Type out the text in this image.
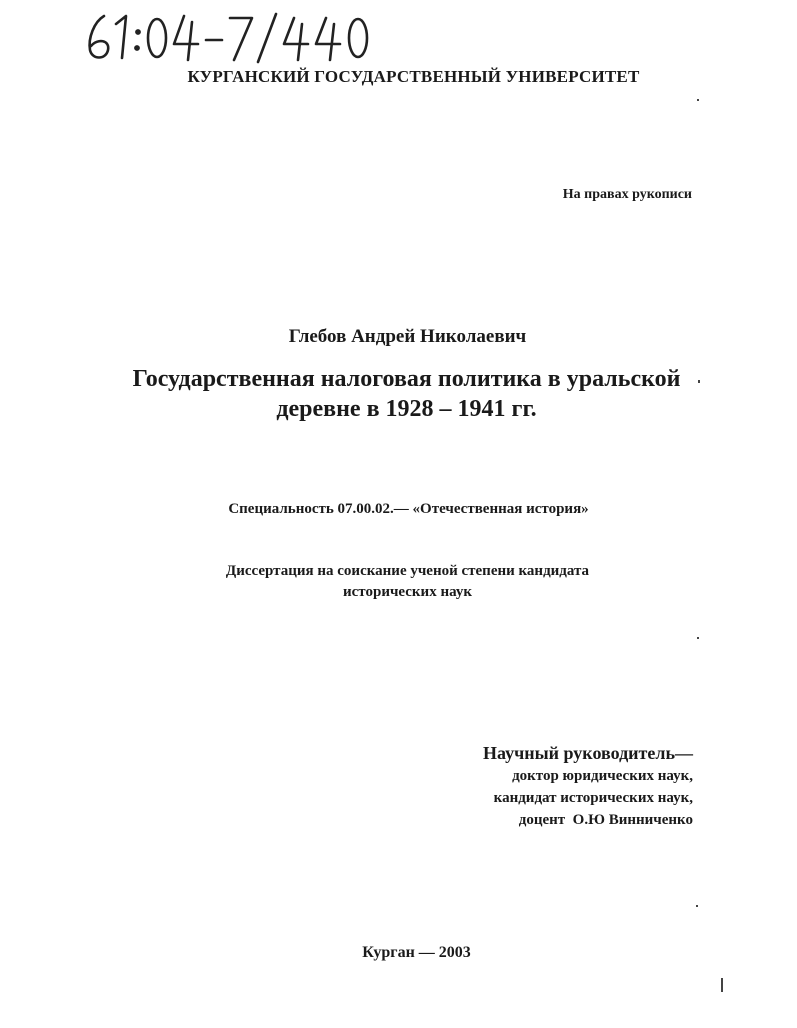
КУРГАНСКИЙ ГОСУДАРСТВЕННЫЙ УНИВЕРСИТЕТ
На правах рукописи
Глебов Андрей Николаевич
Государственная налоговая политика в уральской
деревне в 1928 – 1941 гг.
Специальность 07.00.02.— «Отечественная история»
Диссертация на соискание ученой степени кандидата
исторических наук
Научный руководитель—
доктор юридических наук,
кандидат исторических наук,
доцент  О.Ю Винниченко
Курган — 2003
